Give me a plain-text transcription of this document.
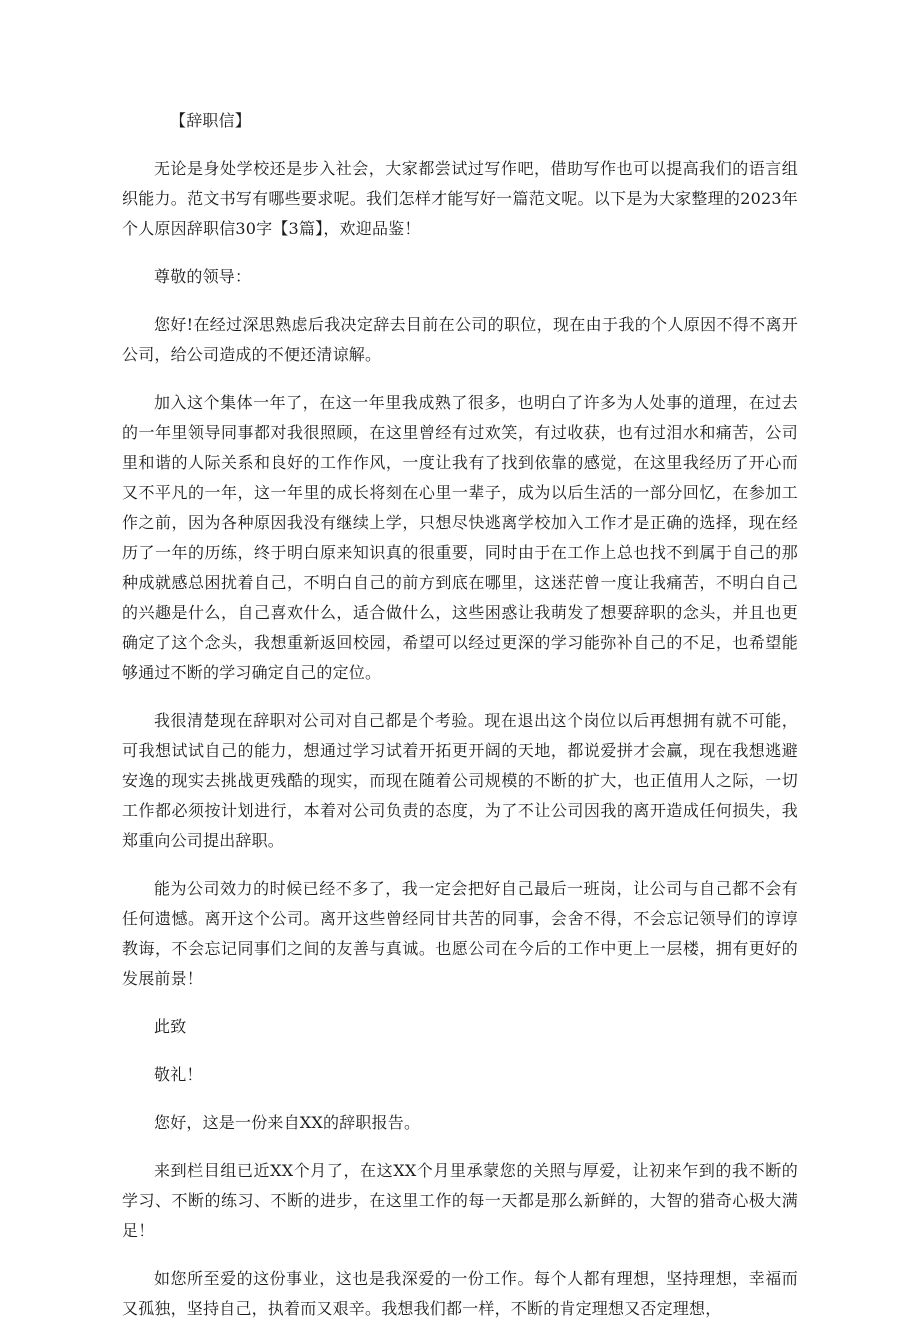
【辞职信】

无论是身处学校还是步入社会，大家都尝试过写作吧，借助写作也可以提高我们的语言组织能力。范文书写有哪些要求呢。我们怎样才能写好一篇范文呢。以下是为大家整理的2023年个人原因辞职信30字【3篇】，欢迎品鉴！

尊敬的领导：

您好!在经过深思熟虑后我决定辞去目前在公司的职位，现在由于我的个人原因不得不离开公司，给公司造成的不便还清谅解。

加入这个集体一年了，在这一年里我成熟了很多，也明白了许多为人处事的道理，在过去的一年里领导同事都对我很照顾，在这里曾经有过欢笑，有过收获，也有过泪水和痛苦，公司里和谐的人际关系和良好的工作作风，一度让我有了找到依靠的感觉，在这里我经历了开心而又不平凡的一年，这一年里的成长将刻在心里一辈子，成为以后生活的一部分回忆，在参加工作之前，因为各种原因我没有继续上学，只想尽快逃离学校加入工作才是正确的选择，现在经历了一年的历练，终于明白原来知识真的很重要，同时由于在工作上总也找不到属于自己的那种成就感总困扰着自己，不明白自己的前方到底在哪里，这迷茫曾一度让我痛苦，不明白自己的兴趣是什么，自己喜欢什么，适合做什么，这些困惑让我萌发了想要辞职的念头，并且也更确定了这个念头，我想重新返回校园，希望可以经过更深的学习能弥补自己的不足，也希望能够通过不断的学习确定自己的定位。

我很清楚现在辞职对公司对自己都是个考验。现在退出这个岗位以后再想拥有就不可能，可我想试试自己的能力，想通过学习试着开拓更开阔的天地，都说爱拼才会赢，现在我想逃避安逸的现实去挑战更残酷的现实，而现在随着公司规模的不断的扩大，也正值用人之际，一切工作都必须按计划进行，本着对公司负责的态度，为了不让公司因我的离开造成任何损失，我郑重向公司提出辞职。

能为公司效力的时候已经不多了，我一定会把好自己最后一班岗，让公司与自己都不会有任何遗憾。离开这个公司。离开这些曾经同甘共苦的同事，会舍不得，不会忘记领导们的谆谆教诲，不会忘记同事们之间的友善与真诚。也愿公司在今后的工作中更上一层楼，拥有更好的发展前景！

此致

敬礼！

您好，这是一份来自XX的辞职报告。

来到栏目组已近XX个月了，在这XX个月里承蒙您的关照与厚爱，让初来乍到的我不断的学习、不断的练习、不断的进步，在这里工作的每一天都是那么新鲜的，大智的猎奇心极大满足！

如您所至爱的这份事业，这也是我深爱的一份工作。每个人都有理想，坚持理想，幸福而又孤独，坚持自己，执着而又艰辛。我想我们都一样，不断的肯定理想又否定理想，
